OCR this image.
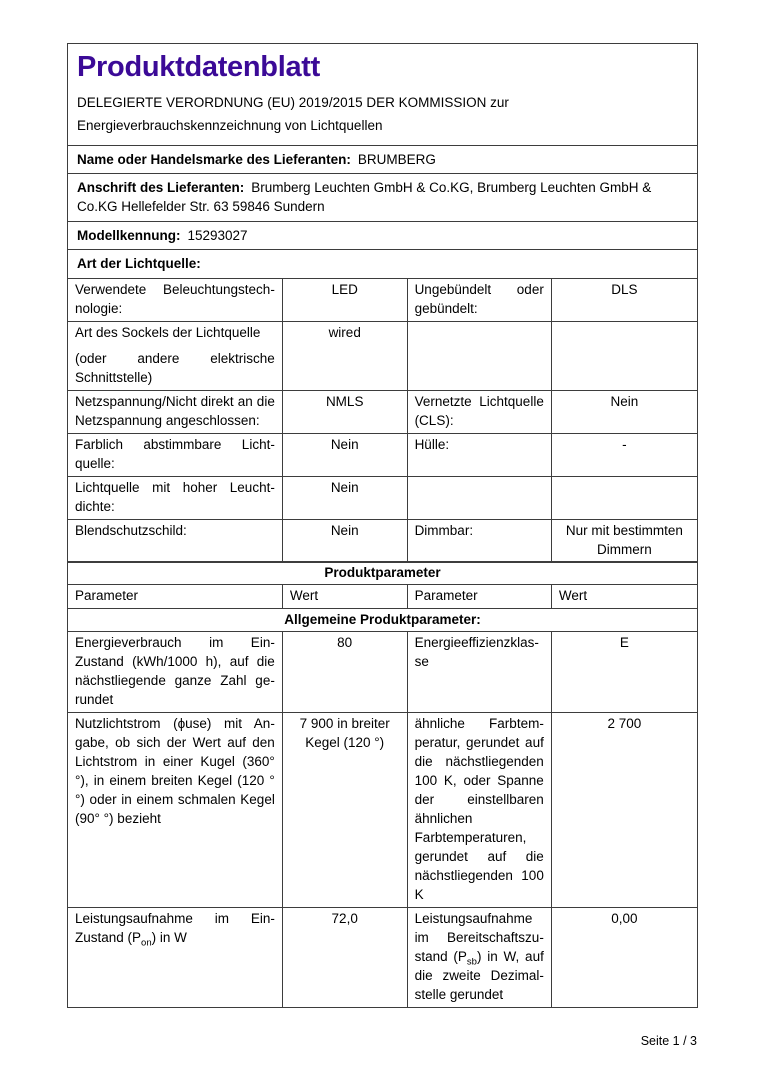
Produktdatenblatt

DELEGIERTE VERORDNUNG (EU) 2019/2015 DER KOMMISSION zur

Energieverbrauchskennzeichnung von Lichtquellen

Name oder Handelsmarke des Lieferanten: BRUMBERG
Anschrift des Lieferanten: Brumberg Leuchten GmbH & Co.KG, Brumberg Leuchten GmbH & Co.KG Hellefelder Str. 63 59846 Sundern
Modellkennung: 15293027
Art der Lichtquelle:
Verwendete Beleuchtungstechnologie:	LED	Ungebündelt oder gebündelt:	DLS

Art des Sockels der Lichtquelle
(oder andere elektrische Schnittstelle)	wired		
Netzspannung/Nicht direkt an die Netzspannung angeschlossen:	NMLS	Vernetzte Lichtquelle (CLS):	Nein
Farblich abstimmbare Lichtquelle:	Nein	Hülle:	-
Lichtquelle mit hoher Leuchtdichte:	Nein		
Blendschutzschild:	Nein	Dimmbar:	Nur mit bestimmten Dimmern
Produktparameter			
Parameter	Wert	Parameter	Wert
Allgemeine Produktparameter:			
Energieverbrauch im Ein-Zustand (kWh/1000 h), auf die nächstliegende ganze Zahl gerundet	80	Energieeffizienzklasse	E
Nutzlichtstrom (ϕuse) mit Angabe, ob sich der Wert auf den Lichtstrom in einer Kugel (360° °), in einem breiten Kegel (120 °°) oder in einem schmalen Kegel (90° °) bezieht	7 900 in breiter Kegel (120 °)	ähnliche Farbtemperatur, gerundet auf die nächstliegenden 100 K, oder Spanne der einstellbaren ähnlichen Farbtemperaturen, gerundet auf die nächstliegenden 100 K	2 700
Leistungsaufnahme im Ein-Zustand $(P_{on})$ in W	72,0	Leistungsaufnahme im Bereitschaftszustand $(P_{sb})$ in W, auf die zweite Dezimalstelle gerundet	0,00
Seite 1 / 3
